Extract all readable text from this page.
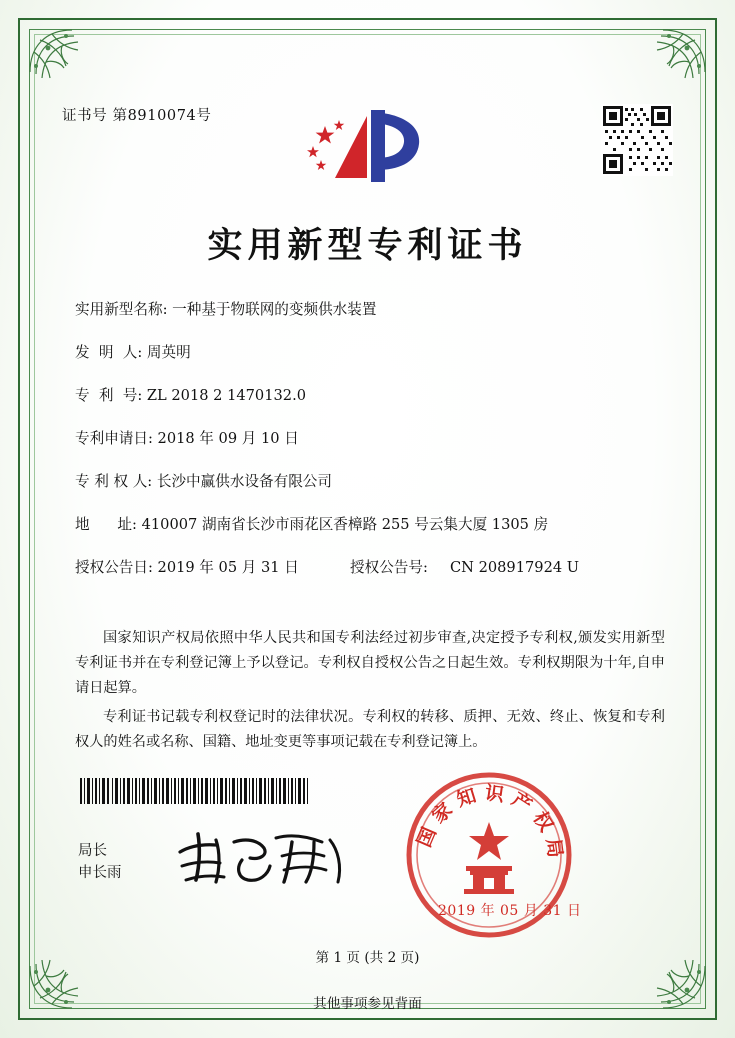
证书号 第8910074号
实用新型专利证书
实用新型名称: 一种基于物联网的变频供水装置
发  明  人: 周英明
专  利  号: ZL 2018 2 1470132.0
专利申请日: 2018 年 09 月 10 日
专 利 权 人: 长沙中赢供水设备有限公司
地      址: 410007 湖南省长沙市雨花区香樟路 255 号云集大厦 1305 房
授权公告日: 2019 年 05 月 31 日	授权公告号: CN 208917924 U
国家知识产权局依照中华人民共和国专利法经过初步审查,决定授予专利权,颁发实用新型专利证书并在专利登记簿上予以登记。专利权自授权公告之日起生效。专利权期限为十年,自申请日起算。
专利证书记载专利权登记时的法律状况。专利权的转移、质押、无效、终止、恢复和专利权人的姓名或名称、国籍、地址变更等事项记载在专利登记簿上。
局长
申长雨
国家知识产权局
2019 年 05 月 31 日
第 1 页 (共 2 页)
其他事项参见背面
